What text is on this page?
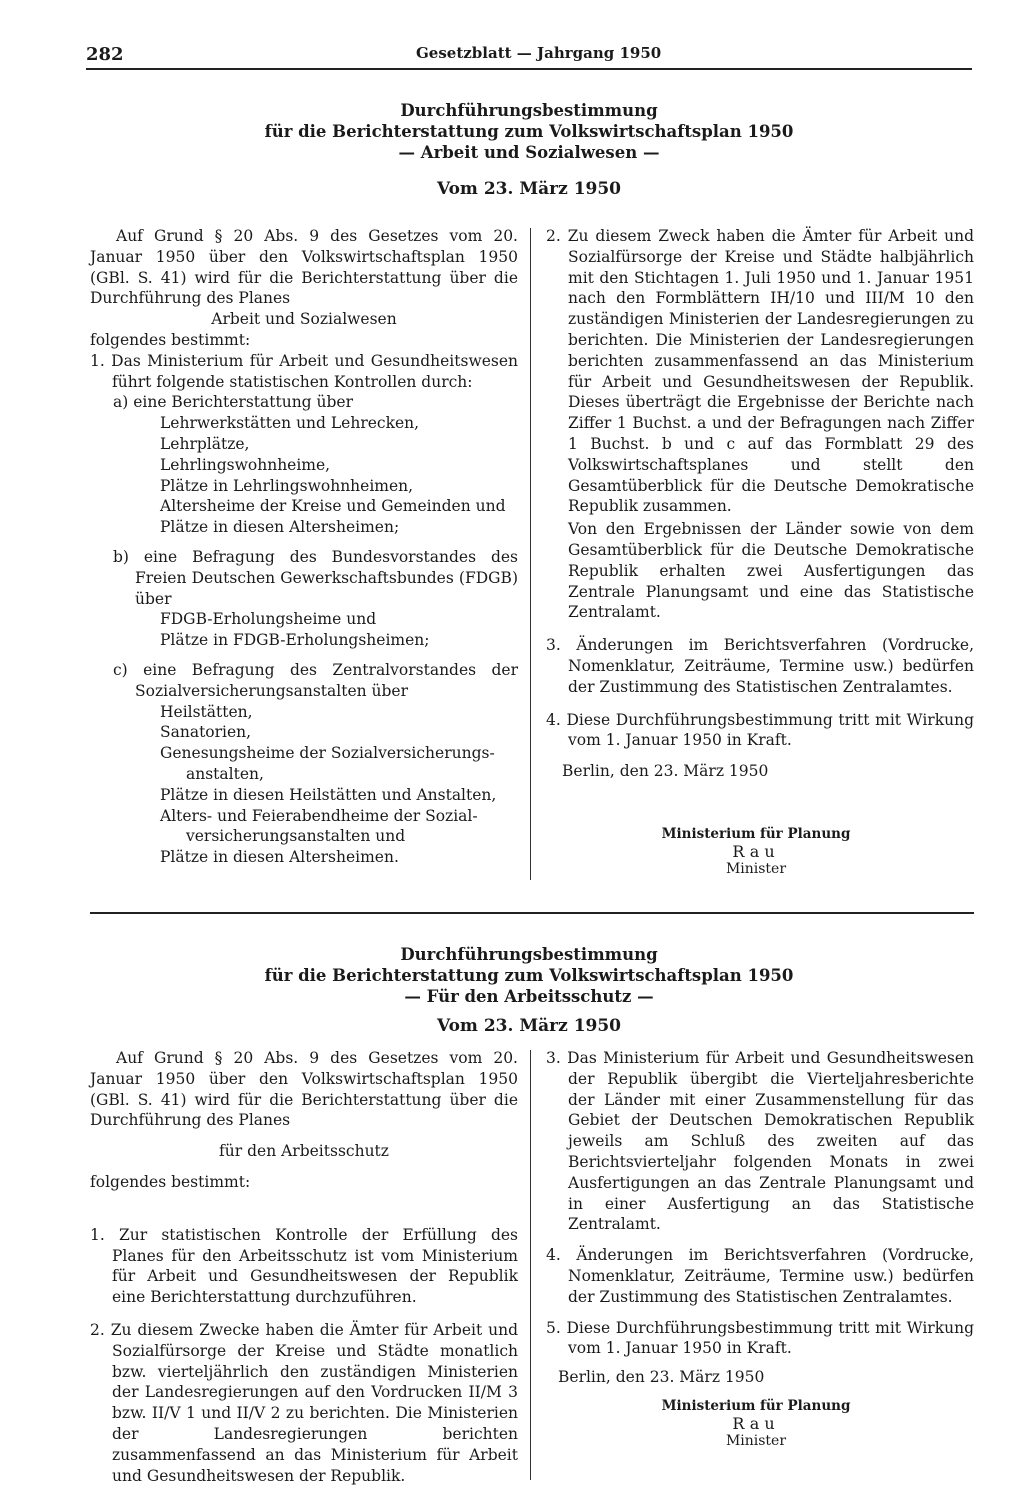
282	Gesetzblatt — Jahrgang 1950
Durchführungsbestimmung
für die Berichterstattung zum Volkswirtschaftsplan 1950
— Arbeit und Sozialwesen —
Vom 23. März 1950

Auf Grund § 20 Abs. 9 des Gesetzes vom 20. Januar 1950 über den Volkswirtschaftsplan 1950 (GBl. S. 41) wird für die Berichterstattung über die Durchführung des Planes

Arbeit und Sozialwesen

folgendes bestimmt:

1. Das Ministerium für Arbeit und Gesundheitswesen führt folgende statistischen Kontrollen durch:

a) eine Berichterstattung über

Lehrwerkstätten und Lehrecken,

Lehrplätze,

Lehrlingswohnheime,

Plätze in Lehrlingswohnheimen,

Altersheime der Kreise und Gemeinden und

Plätze in diesen Altersheimen;

b) eine Befragung des Bundesvorstandes des Freien Deutschen Gewerkschaftsbundes (FDGB) über

FDGB-Erholungsheime und

Plätze in FDGB-Erholungsheimen;

c) eine Befragung des Zentralvorstandes der Sozialversicherungsanstalten über

Heilstätten,

Sanatorien,

Genesungsheime der Sozialversicherungs-

anstalten,

Plätze in diesen Heilstätten und Anstalten,

Alters- und Feierabendheime der Sozial-

versicherungsanstalten und

Plätze in diesen Altersheimen.

2. Zu diesem Zweck haben die Ämter für Arbeit und Sozialfürsorge der Kreise und Städte halbjährlich mit den Stichtagen 1. Juli 1950 und 1. Januar 1951 nach den Formblättern IH/10 und III/M 10 den zuständigen Ministerien der Landesregierungen zu berichten. Die Ministerien der Landesregierungen berichten zusammenfassend an das Ministerium für Arbeit und Gesundheitswesen der Republik. Dieses überträgt die Ergebnisse der Berichte nach Ziffer 1 Buchst. a und der Befragungen nach Ziffer 1 Buchst. b und c auf das Formblatt 29 des Volkswirtschaftsplanes und stellt den Gesamtüberblick für die Deutsche Demokratische Republik zusammen.

Von den Ergebnissen der Länder sowie von dem Gesamtüberblick für die Deutsche Demokratische Republik erhalten zwei Ausfertigungen das Zentrale Planungsamt und eine das Statistische Zentralamt.

3. Änderungen im Berichtsverfahren (Vordrucke, Nomenklatur, Zeiträume, Termine usw.) bedürfen der Zustimmung des Statistischen Zentralamtes.

4. Diese Durchführungsbestimmung tritt mit Wirkung vom 1. Januar 1950 in Kraft.

Berlin, den 23. März 1950

Ministerium für Planung
Rau
Minister
Durchführungsbestimmung
für die Berichterstattung zum Volkswirtschaftsplan 1950
— Für den Arbeitsschutz —
Vom 23. März 1950

Auf Grund § 20 Abs. 9 des Gesetzes vom 20. Januar 1950 über den Volkswirtschaftsplan 1950 (GBl. S. 41) wird für die Berichterstattung über die Durchführung des Planes

für den Arbeitsschutz

folgendes bestimmt:

1. Zur statistischen Kontrolle der Erfüllung des Planes für den Arbeitsschutz ist vom Ministerium für Arbeit und Gesundheitswesen der Republik eine Berichterstattung durchzuführen.

2. Zu diesem Zwecke haben die Ämter für Arbeit und Sozialfürsorge der Kreise und Städte monatlich bzw. vierteljährlich den zuständigen Ministerien der Landesregierungen auf den Vordrucken II/M 3 bzw. II/V 1 und II/V 2 zu berichten. Die Ministerien der Landesregierungen berichten zusammenfassend an das Ministerium für Arbeit und Gesundheitswesen der Republik.

3. Das Ministerium für Arbeit und Gesundheitswesen der Republik übergibt die Vierteljahresberichte der Länder mit einer Zusammenstellung für das Gebiet der Deutschen Demokratischen Republik jeweils am Schluß des zweiten auf das Berichtsvierteljahr folgenden Monats in zwei Ausfertigungen an das Zentrale Planungsamt und in einer Ausfertigung an das Statistische Zentralamt.

4. Änderungen im Berichtsverfahren (Vordrucke, Nomenklatur, Zeiträume, Termine usw.) bedürfen der Zustimmung des Statistischen Zentralamtes.

5. Diese Durchführungsbestimmung tritt mit Wirkung vom 1. Januar 1950 in Kraft.

Berlin, den 23. März 1950

Ministerium für Planung
Rau
Minister
